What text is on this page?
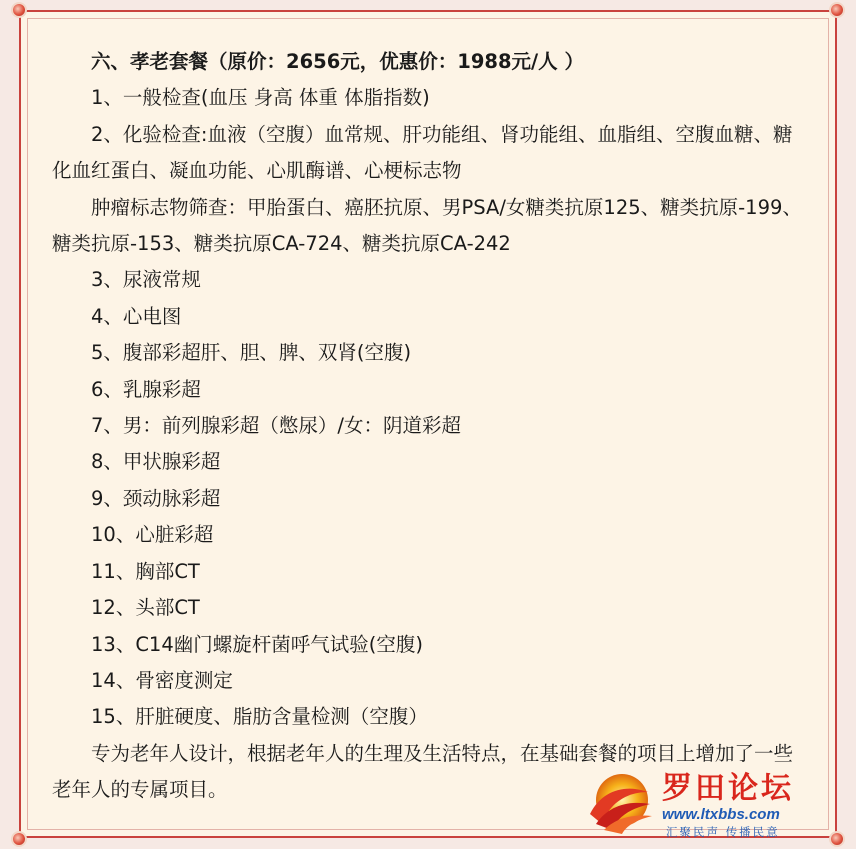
六、孝老套餐（原价：2656元，优惠价：1988元/人 ）

1、一般检查(血压 身高 体重 体脂指数)

2、化验检查:血液（空腹）血常规、肝功能组、肾功能组、血脂组、空腹血糖、糖化血红蛋白、凝血功能、心肌酶谱、心梗标志物

肿瘤标志物筛查：甲胎蛋白、癌胚抗原、男PSA/女糖类抗原125、糖类抗原-199、糖类抗原-153、糖类抗原CA-724、糖类抗原CA-242

3、尿液常规

4、心电图

5、腹部彩超肝、胆、脾、双肾(空腹)

6、乳腺彩超

7、男：前列腺彩超（憋尿）/女：阴道彩超

8、甲状腺彩超

9、颈动脉彩超

10、心脏彩超

11、胸部CT

12、头部CT

13、C14幽门螺旋杆菌呼气试验(空腹)

14、骨密度测定

15、肝脏硬度、脂肪含量检测（空腹）

专为老年人设计，根据老年人的生理及生活特点，在基础套餐的项目上增加了一些老年人的专属项目。	罗田论坛
www.ltxbbs.com
汇聚民声 传播民意
